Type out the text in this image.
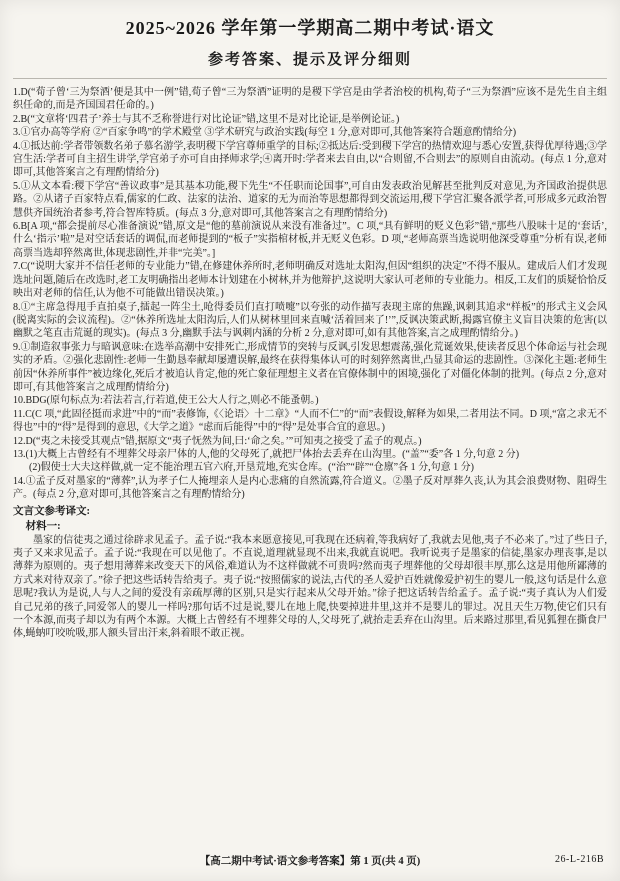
2025~2026 学年第一学期高二期中考试·语文
参考答案、提示及评分细则

1.D(“荀子曾‘三为祭酒’便是其中一例”错,荀子曾“三为祭酒”证明的是稷下学宫是由学者治校的机构,荀子“三为祭酒”应该不是先生自主组织任命的,而是齐国国君任命的。)

2.B(“文章将‘四君子’养士与其不乏称誉进行对比论证”错,这里不是对比论证,是举例论证。)

3.①官办高等学府 ②“百家争鸣”的学术殿堂 ③学术研究与政治实践(每空 1 分,意对即可,其他答案符合题意酌情给分)

4.①抵达前:学者带领数名弟子慕名游学,表明稷下学宫尊师重学的目标;②抵达后:受到稷下学宫的热情欢迎与悉心安置,获得优厚待遇;③学宫生活:学者可自主招生讲学,学宫弟子亦可自由择师求学;④离开时:学者来去自由,以“合则留,不合则去”的原则自由流动。(每点 1 分,意对即可,其他答案言之有理酌情给分)

5.①从文本看:稷下学宫“善议政事”是其基本功能,稷下先生“不任职而论国事”,可自由发表政治见解甚至批判反对意见,为齐国政治提供思路。②从诸子百家特点看,儒家的仁政、法家的法治、道家的无为而治等思想都得到交流运用,稷下学宫汇聚各派学者,可形成多元政治智慧供齐国统治者参考,符合智库特质。(每点 3 分,意对即可,其他答案言之有理酌情给分)

6.B[A 项,“都会提前尽心准备演说”错,原文是“他的墓前演说从来没有准备过”。C 项,“具有鲜明的贬义色彩”错,“那些八股味十足的‘套话’,什么‘指示’啦”是对空话套话的调侃,而老师提到的“板子”实指棺材板,并无贬义色彩。D 项,“老师高票当选说明他深受尊重”分析有误,老师高票当选却猝然离世,体现悲剧性,并非“完美”。]

7.C(“说明大家并不信任老师的专业能力”错,在修建休养所时,老师明确反对选址太阳沟,但因“组织的决定”不得不服从。建成后人们才发现选址问题,随后在改选时,老工友明确指出老师本计划建在小树林,并为他辩护,这说明大家认可老师的专业能力。相反,工友们的质疑恰恰反映出对老师的信任,认为他不可能做出错误决策。)

8.①“主席急得甩手直拍桌子,擂起一阵尘土,呛得委员们直打喷嚏”以夸张的动作描写表现主席的焦躁,讽刺其追求“样板”的形式主义会风(脱离实际的会议流程)。②“休养所选址太阳沟后,人们从树林里回来直喊‘活着回来了!’”,反讽决策武断,揭露官僚主义盲目决策的危害(以幽默之笔直击荒诞的现实)。(每点 3 分,幽默手法与讽刺内涵的分析 2 分,意对即可,如有其他答案,言之成理酌情给分。)

9.①制造叙事张力与暗讽意味:在选举高潮中安排死亡,形成情节的突转与反讽,引发思想震荡,强化荒诞效果,使读者反思个体命运与社会现实的矛盾。②强化悲剧性:老师一生勤恳奉献却屡遭误解,最终在获得集体认可的时刻猝然离世,凸显其命运的悲剧性。③深化主题:老师生前因“休养所事件”被边缘化,死后才被追认肯定,他的死亡象征理想主义者在官僚体制中的困境,强化了对僵化体制的批判。(每点 2 分,意对即可,有其他答案言之成理酌情给分)

10.BDG(原句标点为:若法若言,行若道,使王公大人行之,则必不能蚤朝。)

11.C(C 项,“此固径挺而求进”中的“而”表修饰,《〈论语〉十二章》“人而不仁”的“而”表假设,解释为如果,二者用法不同。D 项,“富之求无不得也”中的“得”是得到的意思,《大学之道》“虑而后能得”中的“得”是处事合宜的意思。)

12.D(“夷之未接受其观点”错,据原文“夷子怃然为间,曰:‘命之矣。’”可知夷之接受了孟子的观点。)

13.(1)大概上古曾经有不埋葬父母亲尸体的人,他的父母死了,就把尸体抬去丢弃在山沟里。(“盖”“委”各 1 分,句意 2 分)

(2)假使士大夫这样做,就一定不能治理五官六府,开垦荒地,充实仓库。(“治”“辟”“仓廪”各 1 分,句意 1 分)

14.①孟子反对墨家的“薄葬”,认为孝子仁人掩埋亲人是内心悲痛的自然流露,符合道义。②墨子反对厚葬久丧,认为其会浪费财物、阻碍生产。(每点 2 分,意对即可,其他答案言之有理酌情给分)

文言文参考译文:
材料一:

墨家的信徒夷之通过徐辟求见孟子。孟子说:“我本来愿意接见,可我现在还病着,等我病好了,我就去见他,夷子不必来了。”过了些日子,夷子又来求见孟子。孟子说:“我现在可以见他了。不直说,道理就显现不出来,我就直说吧。我听说夷子是墨家的信徒,墨家办理丧事,是以薄葬为原则的。夷子想用薄葬来改变天下的风俗,难道认为不这样做就不可贵吗?然而夷子埋葬他的父母却很丰厚,那么这是用他所鄙薄的方式来对待双亲了。”徐子把这些话转告给夷子。夷子说:“按照儒家的说法,古代的圣人爱护百姓就像爱护初生的婴儿一般,这句话是什么意思呢?我认为是说,人与人之间的爱没有亲疏厚薄的区别,只是实行起来从父母开始。”徐子把这话转告给孟子。孟子说:“夷子真认为人们爱自己兄弟的孩子,同爱邻人的婴儿一样吗?那句话不过是说,婴儿在地上爬,快要掉进井里,这并不是婴儿的罪过。况且天生万物,使它们只有一个本源,而夷子却以为有两个本源。大概上古曾经有不埋葬父母的人,父母死了,就抬走丢弃在山沟里。后来路过那里,看见狐狸在撕食尸体,蝇蚋叮咬吮吸,那人额头冒出汗来,斜着眼不敢正视。

【高二期中考试·语文参考答案】第 1 页(共 4 页)	26-L-216B
